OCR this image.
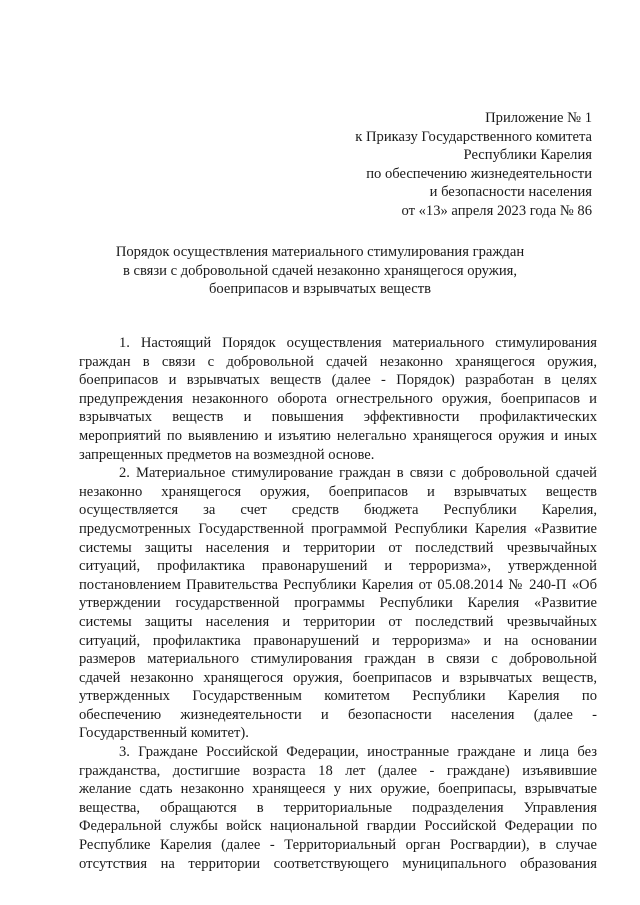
Приложение № 1
к Приказу Государственного комитета
Республики Карелия
по обеспечению жизнедеятельности
и безопасности населения
от «13» апреля 2023 года № 86
Порядок осуществления материального стимулирования граждан
в связи с добровольной сдачей незаконно хранящегося оружия,
боеприпасов и взрывчатых веществ
1. Настоящий Порядок осуществления материального стимулирования
граждан в связи с добровольной сдачей незаконно хранящегося оружия,
боеприпасов и взрывчатых веществ (далее - Порядок) разработан в целях
предупреждения незаконного оборота огнестрельного оружия, боеприпасов и
взрывчатых веществ и повышения эффективности профилактических
мероприятий по выявлению и изъятию нелегально хранящегося оружия и иных
запрещенных предметов на возмездной основе.
2. Материальное стимулирование граждан в связи с добровольной сдачей
незаконно хранящегося оружия, боеприпасов и взрывчатых веществ
осуществляется за счет средств бюджета Республики Карелия,
предусмотренных Государственной программой Республики Карелия «Развитие
системы защиты населения и территории от последствий чрезвычайных
ситуаций, профилактика правонарушений и терроризма», утвержденной
постановлением Правительства Республики Карелия от 05.08.2014 № 240-П «Об
утверждении государственной программы Республики Карелия «Развитие
системы защиты населения и территории от последствий чрезвычайных
ситуаций, профилактика правонарушений и терроризма» и на основании
размеров материального стимулирования граждан в связи с добровольной
сдачей незаконно хранящегося оружия, боеприпасов и взрывчатых веществ,
утвержденных Государственным комитетом Республики Карелия по
обеспечению жизнедеятельности и безопасности населения (далее -
Государственный комитет).
3. Граждане Российской Федерации, иностранные граждане и лица без
гражданства, достигшие возраста 18 лет (далее - граждане) изъявившие
желание сдать незаконно хранящееся у них оружие, боеприпасы, взрывчатые
вещества, обращаются в территориальные подразделения Управления
Федеральной службы войск национальной гвардии Российской Федерации по
Республике Карелия (далее - Территориальный орган Росгвардии), в случае
отсутствия на территории соответствующего муниципального образования
